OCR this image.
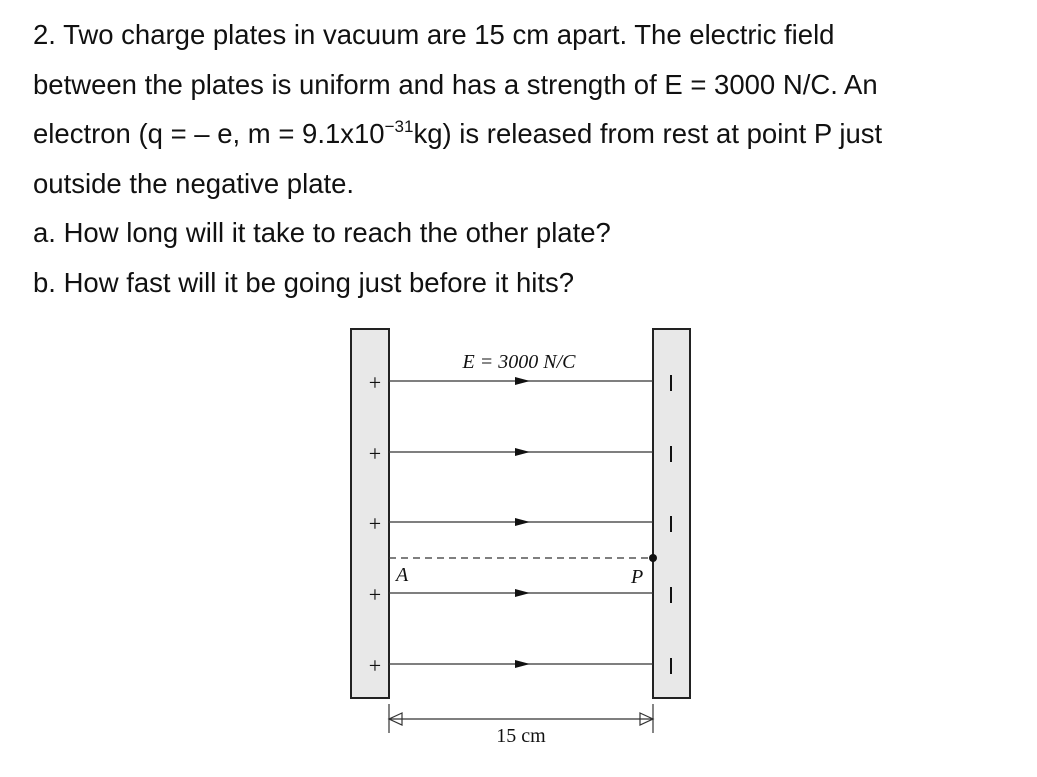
2. Two charge plates in vacuum are 15 cm apart. The electric field

between the plates is uniform and has a strength of E = 3000 N/C. An

electron (q = – e, $m = 9.1x10^{-31}kg$) is released from rest at point P just

outside the negative plate.

a. How long will it take to reach the other plate?

b. How fast will it be going just before it hits?

E = 3000 N/C
A	P
+
+
+
+
+
15 cm
